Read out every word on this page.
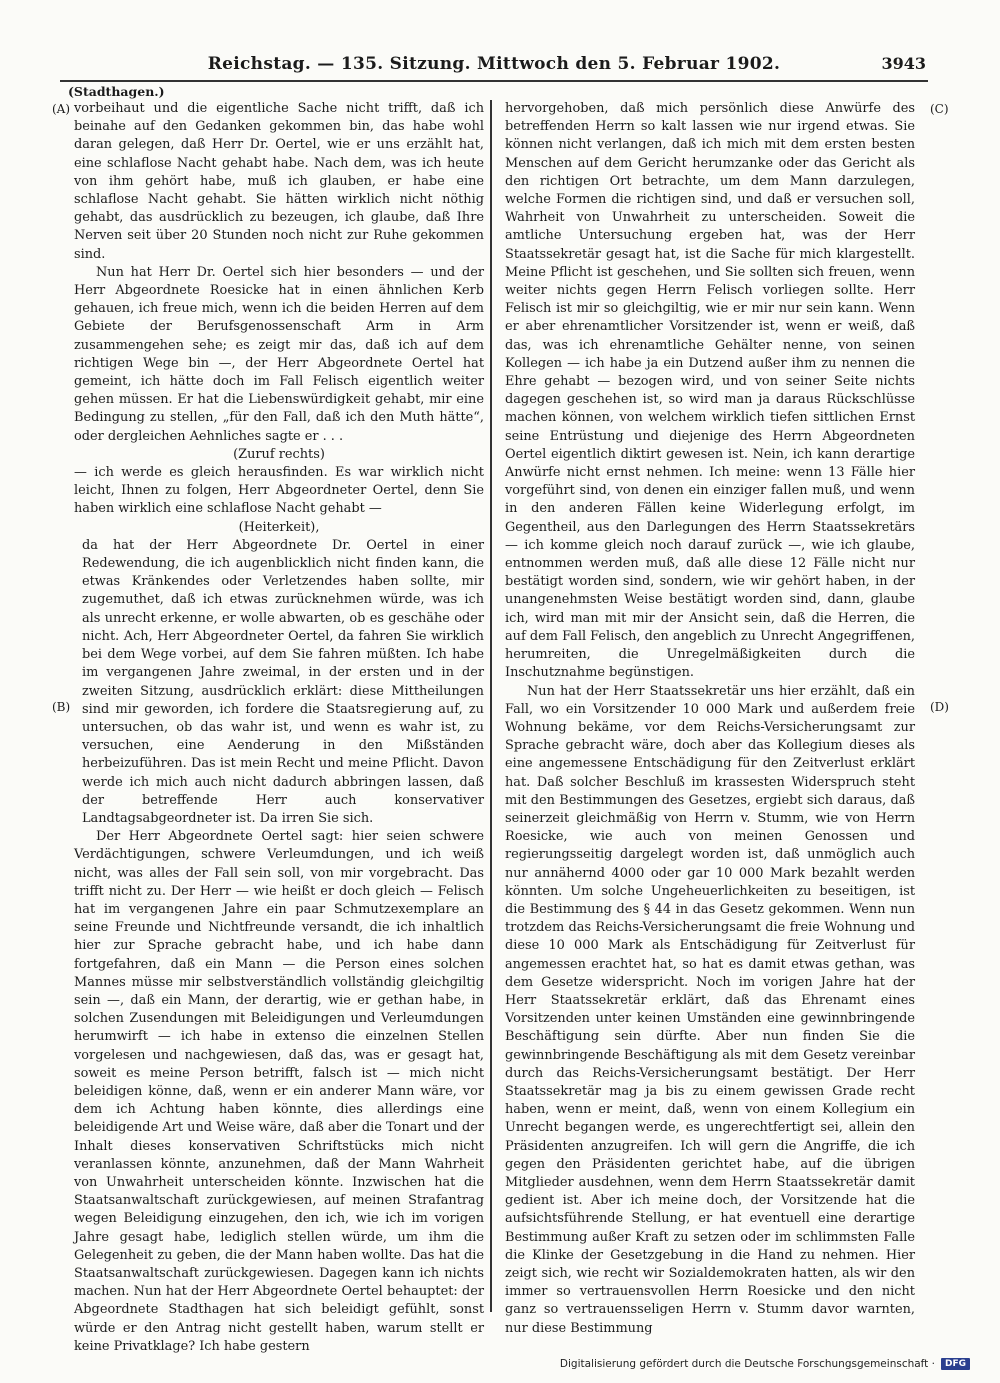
Reichstag. — 135. Sitzung. Mittwoch den 5. Februar 1902.	3943
(Stadthagen.)
(A)
(B)
(C)
(D)

vorbeihaut und die eigentliche Sache nicht trifft, daß ich beinahe auf den Gedanken gekommen bin, das habe wohl daran gelegen, daß Herr Dr. Oertel, wie er uns erzählt hat, eine schlaflose Nacht gehabt habe. Nach dem, was ich heute von ihm gehört habe, muß ich glauben, er habe eine schlaflose Nacht gehabt. Sie hätten wirklich nicht nöthig gehabt, das ausdrücklich zu bezeugen, ich glaube, daß Ihre Nerven seit über 20 Stunden noch nicht zur Ruhe gekommen sind.

Nun hat Herr Dr. Oertel sich hier besonders — und der Herr Abgeordnete Roesicke hat in einen ähnlichen Kerb gehauen, ich freue mich, wenn ich die beiden Herren auf dem Gebiete der Berufsgenossenschaft Arm in Arm zusammengehen sehe; es zeigt mir das, daß ich auf dem richtigen Wege bin —, der Herr Abgeordnete Oertel hat gemeint, ich hätte doch im Fall Felisch eigentlich weiter gehen müssen. Er hat die Liebenswürdigkeit gehabt, mir eine Bedingung zu stellen, „für den Fall, daß ich den Muth hätte“, oder dergleichen Aehnliches sagte er . . .

(Zuruf rechts)

— ich werde es gleich herausfinden. Es war wirklich nicht leicht, Ihnen zu folgen, Herr Abgeordneter Oertel, denn Sie haben wirklich eine schlaflose Nacht gehabt —

(Heiterkeit),

da hat der Herr Abgeordnete Dr. Oertel in einer Redewendung, die ich augenblicklich nicht finden kann, die etwas Kränkendes oder Verletzendes haben sollte, mir zugemuthet, daß ich etwas zurücknehmen würde, was ich als unrecht erkenne, er wolle abwarten, ob es geschähe oder nicht. Ach, Herr Abgeordneter Oertel, da fahren Sie wirklich bei dem Wege vorbei, auf dem Sie fahren müßten. Ich habe im vergangenen Jahre zweimal, in der ersten und in der zweiten Sitzung, ausdrücklich erklärt: diese Mittheilungen sind mir geworden, ich fordere die Staatsregierung auf, zu untersuchen, ob das wahr ist, und wenn es wahr ist, zu versuchen, eine Aenderung in den Mißständen herbeizuführen. Das ist mein Recht und meine Pflicht. Davon werde ich mich auch nicht dadurch abbringen lassen, daß der betreffende Herr auch konservativer Landtagsabgeordneter ist. Da irren Sie sich.

Der Herr Abgeordnete Oertel sagt: hier seien schwere Verdächtigungen, schwere Verleumdungen, und ich weiß nicht, was alles der Fall sein soll, von mir vorgebracht. Das trifft nicht zu. Der Herr — wie heißt er doch gleich — Felisch hat im vergangenen Jahre ein paar Schmutzexemplare an seine Freunde und Nichtfreunde versandt, die ich inhaltlich hier zur Sprache gebracht habe, und ich habe dann fortgefahren, daß ein Mann — die Person eines solchen Mannes müsse mir selbstverständlich vollständig gleichgiltig sein —, daß ein Mann, der derartig, wie er gethan habe, in solchen Zusendungen mit Beleidigungen und Verleumdungen herumwirft — ich habe in extenso die einzelnen Stellen vorgelesen und nachgewiesen, daß das, was er gesagt hat, soweit es meine Person betrifft, falsch ist — mich nicht beleidigen könne, daß, wenn er ein anderer Mann wäre, vor dem ich Achtung haben könnte, dies allerdings eine beleidigende Art und Weise wäre, daß aber die Tonart und der Inhalt dieses konservativen Schriftstücks mich nicht veranlassen könnte, anzunehmen, daß der Mann Wahrheit von Unwahrheit unterscheiden könnte. Inzwischen hat die Staatsanwaltschaft zurückgewiesen, auf meinen Strafantrag wegen Beleidigung einzugehen, den ich, wie ich im vorigen Jahre gesagt habe, lediglich stellen würde, um ihm die Gelegenheit zu geben, die der Mann haben wollte. Das hat die Staatsanwaltschaft zurückgewiesen. Dagegen kann ich nichts machen. Nun hat der Herr Abgeordnete Oertel behauptet: der Abgeordnete Stadthagen hat sich beleidigt gefühlt, sonst würde er den Antrag nicht gestellt haben, warum stellt er keine Privatklage? Ich habe gestern

hervorgehoben, daß mich persönlich diese Anwürfe des betreffenden Herrn so kalt lassen wie nur irgend etwas. Sie können nicht verlangen, daß ich mich mit dem ersten besten Menschen auf dem Gericht herumzanke oder das Gericht als den richtigen Ort betrachte, um dem Mann darzulegen, welche Formen die richtigen sind, und daß er versuchen soll, Wahrheit von Unwahrheit zu unterscheiden. Soweit die amtliche Untersuchung ergeben hat, was der Herr Staatssekretär gesagt hat, ist die Sache für mich klargestellt. Meine Pflicht ist geschehen, und Sie sollten sich freuen, wenn weiter nichts gegen Herrn Felisch vorliegen sollte. Herr Felisch ist mir so gleichgiltig, wie er mir nur sein kann. Wenn er aber ehrenamtlicher Vorsitzender ist, wenn er weiß, daß das, was ich ehrenamtliche Gehälter nenne, von seinen Kollegen — ich habe ja ein Dutzend außer ihm zu nennen die Ehre gehabt — bezogen wird, und von seiner Seite nichts dagegen geschehen ist, so wird man ja daraus Rückschlüsse machen können, von welchem wirklich tiefen sittlichen Ernst seine Entrüstung und diejenige des Herrn Abgeordneten Oertel eigentlich diktirt gewesen ist. Nein, ich kann derartige Anwürfe nicht ernst nehmen. Ich meine: wenn 13 Fälle hier vorgeführt sind, von denen ein einziger fallen muß, und wenn in den anderen Fällen keine Widerlegung erfolgt, im Gegentheil, aus den Darlegungen des Herrn Staatssekretärs — ich komme gleich noch darauf zurück —, wie ich glaube, entnommen werden muß, daß alle diese 12 Fälle nicht nur bestätigt worden sind, sondern, wie wir gehört haben, in der unangenehmsten Weise bestätigt worden sind, dann, glaube ich, wird man mit mir der Ansicht sein, daß die Herren, die auf dem Fall Felisch, den angeblich zu Unrecht Angegriffenen, herumreiten, die Unregelmäßigkeiten durch die Inschutznahme begünstigen.

Nun hat der Herr Staatssekretär uns hier erzählt, daß ein Fall, wo ein Vorsitzender 10 000 Mark und außerdem freie Wohnung bekäme, vor dem Reichs-Versicherungsamt zur Sprache gebracht wäre, doch aber das Kollegium dieses als eine angemessene Entschädigung für den Zeitverlust erklärt hat. Daß solcher Beschluß im krassesten Widerspruch steht mit den Bestimmungen des Gesetzes, ergiebt sich daraus, daß seinerzeit gleichmäßig von Herrn v. Stumm, wie von Herrn Roesicke, wie auch von meinen Genossen und regierungsseitig dargelegt worden ist, daß unmöglich auch nur annähernd 4000 oder gar 10 000 Mark bezahlt werden könnten. Um solche Ungeheuerlichkeiten zu beseitigen, ist die Bestimmung des § 44 in das Gesetz gekommen. Wenn nun trotzdem das Reichs-Versicherungsamt die freie Wohnung und diese 10 000 Mark als Entschädigung für Zeitverlust für angemessen erachtet hat, so hat es damit etwas gethan, was dem Gesetze widerspricht. Noch im vorigen Jahre hat der Herr Staatssekretär erklärt, daß das Ehrenamt eines Vorsitzenden unter keinen Umständen eine gewinnbringende Beschäftigung sein dürfte. Aber nun finden Sie die gewinnbringende Beschäftigung als mit dem Gesetz vereinbar durch das Reichs-Versicherungsamt bestätigt. Der Herr Staatssekretär mag ja bis zu einem gewissen Grade recht haben, wenn er meint, daß, wenn von einem Kollegium ein Unrecht begangen werde, es ungerechtfertigt sei, allein den Präsidenten anzugreifen. Ich will gern die Angriffe, die ich gegen den Präsidenten gerichtet habe, auf die übrigen Mitglieder ausdehnen, wenn dem Herrn Staatssekretär damit gedient ist. Aber ich meine doch, der Vorsitzende hat die aufsichtsführende Stellung, er hat eventuell eine derartige Bestimmung außer Kraft zu setzen oder im schlimmsten Falle die Klinke der Gesetzgebung in die Hand zu nehmen. Hier zeigt sich, wie recht wir Sozialdemokraten hatten, als wir den immer so vertrauensvollen Herrn Roesicke und den nicht ganz so vertrauensseligen Herrn v. Stumm davor warnten, nur diese Bestimmung

Digitalisierung gefördert durch die Deutsche Forschungsgemeinschaft ·	DFG
